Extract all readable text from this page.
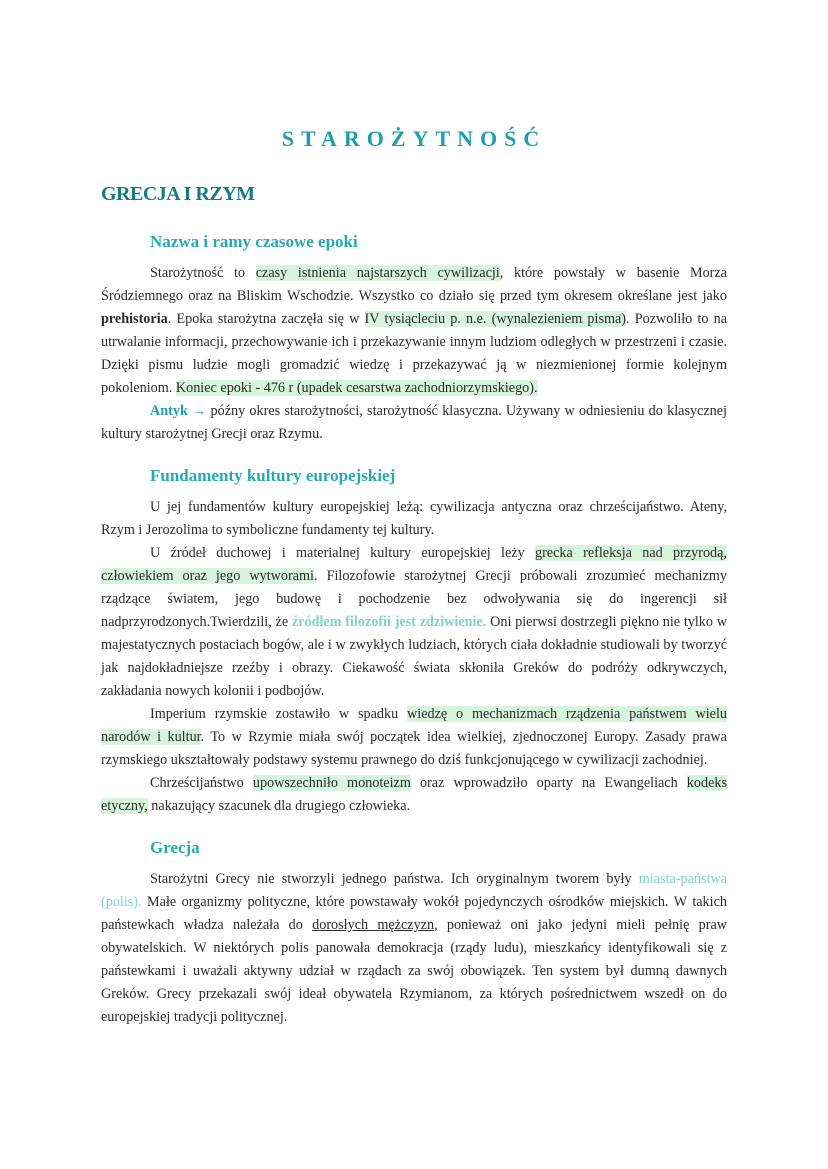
STAROŻYTNOŚĆ
GRECJA I RZYM
Nazwa i ramy czasowe epoki

Starożytność to czasy istnienia najstarszych cywilizacji, które powstały w basenie Morza Śródziemnego oraz na Bliskim Wschodzie. Wszystko co działo się przed tym okresem określane jest jako prehistoria. Epoka starożytna zaczęła się w IV tysiącleciu p. n.e. (wynalezieniem pisma). Pozwoliło to na utrwalanie informacji, przechowywanie ich i przekazywanie innym ludziom odległych w przestrzeni i czasie. Dzięki pismu ludzie mogli gromadzić wiedzę i przekazywać ją w niezmienionej formie kolejnym pokoleniom. Koniec epoki - 476 r (upadek cesarstwa zachodniorzymskiego).

Antyk → późny okres starożytności, starożytność klasyczna. Używany w odniesieniu do klasycznej kultury starożytnej Grecji oraz Rzymu.

Fundamenty kultury europejskiej

U jej fundamentów kultury europejskiej leżą: cywilizacja antyczna oraz chrześcijaństwo. Ateny, Rzym i Jerozolima to symboliczne fundamenty tej kultury.

U źródeł duchowej i materialnej kultury europejskiej leży grecka refleksja nad przyrodą, człowiekiem oraz jego wytworami. Filozofowie starożytnej Grecji próbowali zrozumieć mechanizmy rządzące światem, jego budowę i pochodzenie bez odwoływania się do ingerencji sił nadprzyrodzonych.Twierdzili, że źródłem filozofii jest zdziwienie. Oni pierwsi dostrzegli piękno nie tylko w majestatycznych postaciach bogów, ale i w zwykłych ludziach, których ciała dokładnie studiowali by tworzyć jak najdokładniejsze rzeźby i obrazy. Ciekawość świata skłoniła Greków do podróży odkrywczych, zakładania nowych kolonii i podbojów.

Imperium rzymskie zostawiło w spadku wiedzę o mechanizmach rządzenia państwem wielu narodów i kultur. To w Rzymie miała swój początek idea wielkiej, zjednoczonej Europy. Zasady prawa rzymskiego ukształtowały podstawy systemu prawnego do dziś funkcjonującego w cywilizacji zachodniej.

Chrześcijaństwo upowszechniło monoteizm oraz wprowadziło oparty na Ewangeliach kodeks etyczny, nakazujący szacunek dla drugiego człowieka.

Grecja

Starożytni Grecy nie stworzyli jednego państwa. Ich oryginalnym tworem były miasta-państwa (polis). Małe organizmy polityczne, które powstawały wokół pojedynczych ośrodków miejskich. W takich państewkach władza należała do dorosłych mężczyzn, ponieważ oni jako jedyni mieli pełnię praw obywatelskich. W niektórych polis panowała demokracja (rządy ludu), mieszkańcy identyfikowali się z państewkami i uważali aktywny udział w rządach za swój obowiązek. Ten system był dumną dawnych Greków. Grecy przekazali swój ideał obywatela Rzymianom, za których pośrednictwem wszedł on do europejskiej tradycji politycznej.
